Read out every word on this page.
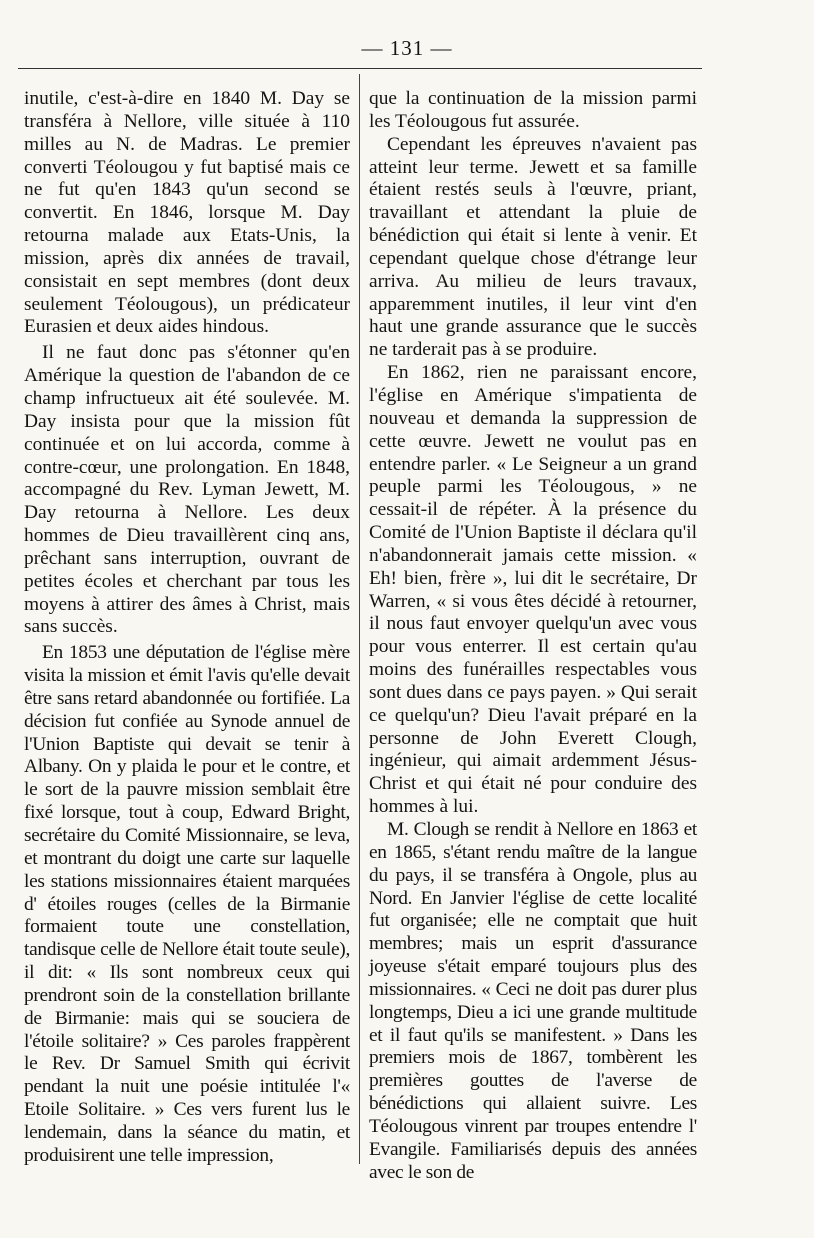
— 131 —

inutile, c'est-à-dire en 1840 M. Day se transféra à Nellore, ville située à 110 milles au N. de Madras. Le premier converti Téolougou y fut baptisé mais ce ne fut qu'en 1843 qu'un second se convertit. En 1846, lorsque M. Day retourna malade aux Etats-Unis, la mission, après dix années de travail, consistait en sept membres (dont deux seulement Téolougous), un prédicateur Eurasien et deux aides hindous.

Il ne faut donc pas s'étonner qu'en Amérique la question de l'abandon de ce champ infructueux ait été soulevée. M. Day insista pour que la mission fût continuée et on lui accorda, comme à contre-cœur, une prolongation. En 1848, accompagné du Rev. Lyman Jewett, M. Day retourna à Nellore. Les deux hommes de Dieu travaillèrent cinq ans, prêchant sans interruption, ouvrant de petites écoles et cherchant par tous les moyens à attirer des âmes à Christ, mais sans succès.

En 1853 une députation de l'église mère visita la mission et émit l'avis qu'elle devait être sans retard abandonnée ou fortifiée. La décision fut confiée au Synode annuel de l'Union Baptiste qui devait se tenir à Albany. On y plaida le pour et le contre, et le sort de la pauvre mission semblait être fixé lorsque, tout à coup, Edward Bright, secrétaire du Comité Missionnaire, se leva, et montrant du doigt une carte sur laquelle les stations missionnaires étaient marquées d' étoiles rouges (celles de la Birmanie formaient toute une constellation, tandisque celle de Nellore était toute seule), il dit: « Ils sont nombreux ceux qui prendront soin de la constellation brillante de Birmanie: mais qui se souciera de l'étoile solitaire? » Ces paroles frappèrent le Rev. Dr Samuel Smith qui écrivit pendant la nuit une poésie intitulée l'« Etoile Solitaire. » Ces vers furent lus le lendemain, dans la séance du matin, et produisirent une telle impression,

que la continuation de la mission parmi les Téolougous fut assurée.

Cependant les épreuves n'avaient pas atteint leur terme. Jewett et sa famille étaient restés seuls à l'œuvre, priant, travaillant et attendant la pluie de bénédiction qui était si lente à venir. Et cependant quelque chose d'étrange leur arriva. Au milieu de leurs travaux, apparemment inutiles, il leur vint d'en haut une grande assurance que le succès ne tarderait pas à se produire.

En 1862, rien ne paraissant encore, l'église en Amérique s'impatienta de nouveau et demanda la suppression de cette œuvre. Jewett ne voulut pas en entendre parler. « Le Seigneur a un grand peuple parmi les Téolougous, » ne cessait-il de répéter. À la présence du Comité de l'Union Baptiste il déclara qu'il n'abandonnerait jamais cette mission. « Eh! bien, frère », lui dit le secrétaire, Dr Warren, « si vous êtes décidé à retourner, il nous faut envoyer quelqu'un avec vous pour vous enterrer. Il est certain qu'au moins des funérailles respectables vous sont dues dans ce pays payen. » Qui serait ce quelqu'un? Dieu l'avait préparé en la personne de John Everett Clough, ingénieur, qui aimait ardemment Jésus-Christ et qui était né pour conduire des hommes à lui.

M. Clough se rendit à Nellore en 1863 et en 1865, s'étant rendu maître de la langue du pays, il se transféra à Ongole, plus au Nord. En Janvier l'église de cette localité fut organisée; elle ne comptait que huit membres; mais un esprit d'assurance joyeuse s'était emparé toujours plus des missionnaires. « Ceci ne doit pas durer plus longtemps, Dieu a ici une grande multitude et il faut qu'ils se manifestent. » Dans les premiers mois de 1867, tombèrent les premières gouttes de l'averse de bénédictions qui allaient suivre. Les Téolougous vinrent par troupes entendre l' Evangile. Familiarisés depuis des années avec le son de
